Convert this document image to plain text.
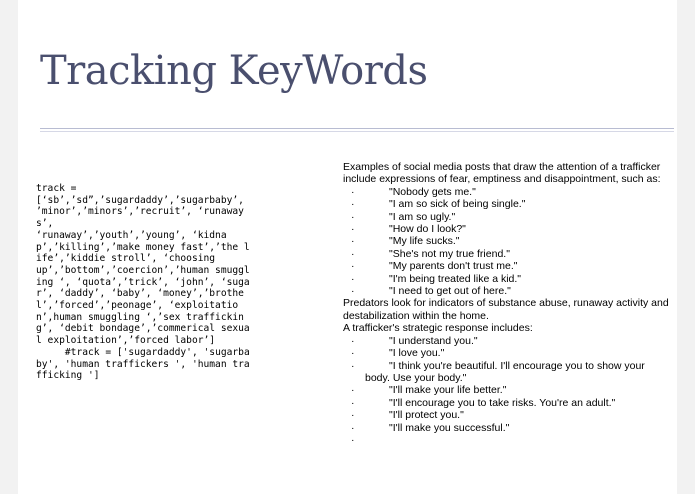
Tracking KeyWords
track =
[‘sb’,’sd”,’sugardaddy’,’sugarbaby’, ’minor’,’minors’,’recruit’, ‘runaways’,
‘runaway’,’youth’,’young’, ‘kidnap’,’killing’,’make money fast’,’the life’,’kiddie stroll’, ‘choosing
up’,’bottom’,’coercion’,’human smuggling ‘, ‘quota’,’trick’, ‘john’, ‘sugar’, ‘daddy’, ‘baby’, ‘money’,’brothel’,’forced’,’peonage’, ‘exploitation’,human smuggling ‘,’sex trafficking’, ‘debit bondage’,’commerical sexual exploitation’,’forced labor’]
#track = ['sugardaddy', 'sugarbaby', 'human traffickers ', 'human trafficking ']

Examples of social media posts that draw the attention of a trafficker include expressions of fear, emptiness and disappointment, such as:

·	"Nobody gets me."
·	"I am so sick of being single."
·	"I am so ugly."
·	"How do I look?"
·	"My life sucks."
·	"She's not my true friend."
·	"My parents don't trust me."
·	"I'm being treated like a kid."
·	"I need to get out of here."

Predators look for indicators of substance abuse, runaway activity and destabilization within the home.

A trafficker's strategic response includes:

·	"I understand you."
·	"I love you."
·	"I think you're beautiful. I'll encourage you to show your
body. Use your body."
·	"I'll make your life better."
·	"I'll encourage you to take risks. You're an adult."
·	"I'll protect you."
·	"I'll make you successful."
·
